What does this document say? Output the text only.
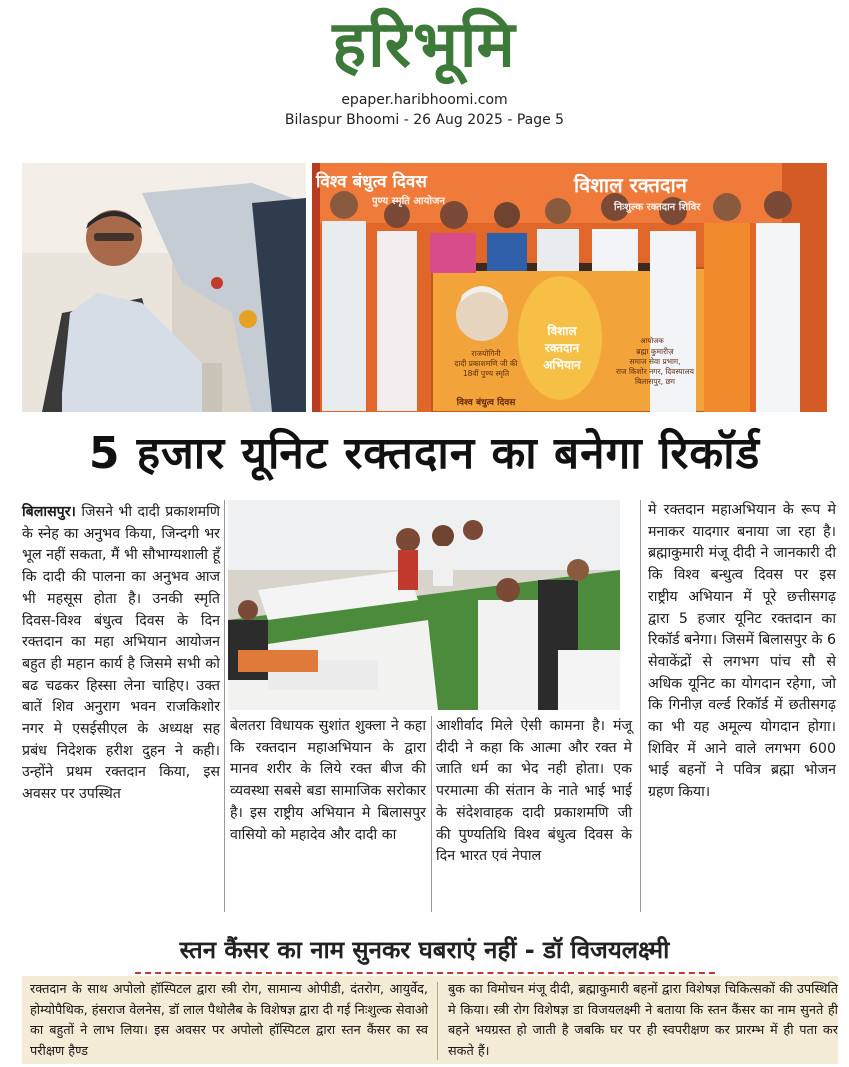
हरिभूमि
epaper.haribhoomi.com
Bilaspur Bhoomi - 26 Aug 2025 - Page 5
विश्व बंधुत्व दिवस
पुण्य स्मृति आयोजन
विशाल रक्तदान
निःशुल्क रक्तदान शिविर
राजयोगिनी
दादी प्रकाशमणि जी की
18वीं पुण्य स्मृति
विश्व बंधुत्व दिवस
विशाल
रक्तदान
अभियान
आयोजक
ब्रह्मा कुमारीज़
समाज सेवा प्रभाग,
राज किशोर नगर, दिवस्पालय
बिलासपुर, छग
5 हजार यूनिट रक्तदान का बनेगा रिकॉर्ड
बिलासपुर। जिसने भी दादी प्रकाशमणि के स्नेह का अनुभव किया, जिन्दगी भर भूल नहीं सकता, मैं भी सौभाग्यशाली हूँ कि दादी की पालना का अनुभव आज भी महसूस होता है। उनकी स्मृति दिवस-विश्व बंधुत्व दिवस के दिन रक्तदान का महा अभियान आयोजन बहुत ही महान कार्य है जिसमे सभी को बढ चढकर हिस्सा लेना चाहिए। उक्त बातें शिव अनुराग भवन राजकिशोर नगर मे एसईसीएल के अध्यक्ष सह प्रबंध निदेशक हरीश दुहन ने कही। उन्होंने प्रथम रक्तदान किया, इस अवसर पर उपस्थित
बेलतरा विधायक सुशांत शुक्ला ने कहा कि रक्तदान महाअभियान के द्वारा मानव शरीर के लिये रक्त बीज की व्यवस्था सबसे बडा सामाजिक सरोकार है। इस राष्ट्रीय अभियान मे बिलासपुर वासियो को महादेव और दादी का
आशीर्वाद मिले ऐसी कामना है। मंजू दीदी ने कहा कि आत्मा और रक्त मे जाति धर्म का भेद नही होता। एक परमात्मा की संतान के नाते भाई भाई के संदेशवाहक दादी प्रकाशमणि जी की पुण्यतिथि विश्व बंधुत्व दिवस के दिन भारत एवं नेपाल
मे रक्तदान महाअभियान के रूप मे मनाकर यादगार बनाया जा रहा है। ब्रह्माकुमारी मंजू दीदी ने जानकारी दी कि विश्व बन्धुत्व दिवस पर इस राष्ट्रीय अभियान में पूरे छत्तीसगढ़ द्वारा 5 हजार यूनिट रक्तदान का रिकॉर्ड बनेगा। जिसमें बिलासपुर के 6 सेवाकेंद्रों से लगभग पांच सौ से अधिक यूनिट का योगदान रहेगा, जो कि गिनीज़ वर्ल्ड रिकॉर्ड में छतीसगढ़ का भी यह अमूल्य योगदान होगा। शिविर में आने वाले लगभग 600 भाई बहनों ने पवित्र ब्रह्मा भोजन ग्रहण किया।
स्तन कैंसर का नाम सुनकर घबराएं नहीं - डॉ विजयलक्ष्मी
रक्तदान के साथ अपोलो हॉस्पिटल द्वारा स्त्री रोग, सामान्य ओपीडी, दंतरोग, आयुर्वेद, होम्योपैथिक, हंसराज वेलनेस, डॉ लाल पैथोलैब के विशेषज्ञ द्वारा दी गई निःशुल्क सेवाओ का बहुतों ने लाभ लिया। इस अवसर पर अपोलो हॉस्पिटल द्वारा स्तन कैंसर का स्व परीक्षण हैण्ड
बुक का विमोचन मंजू दीदी, ब्रह्माकुमारी बहनों द्वारा विशेषज्ञ चिकित्सकों की उपस्थिति मे किया। स्त्री रोग विशेषज्ञ डा विजयलक्ष्मी ने बताया कि स्तन कैंसर का नाम सुनते ही बहने भयग्रस्त हो जाती है जबकि घर पर ही स्वपरीक्षण कर प्रारम्भ में ही पता कर सकते हैं।
